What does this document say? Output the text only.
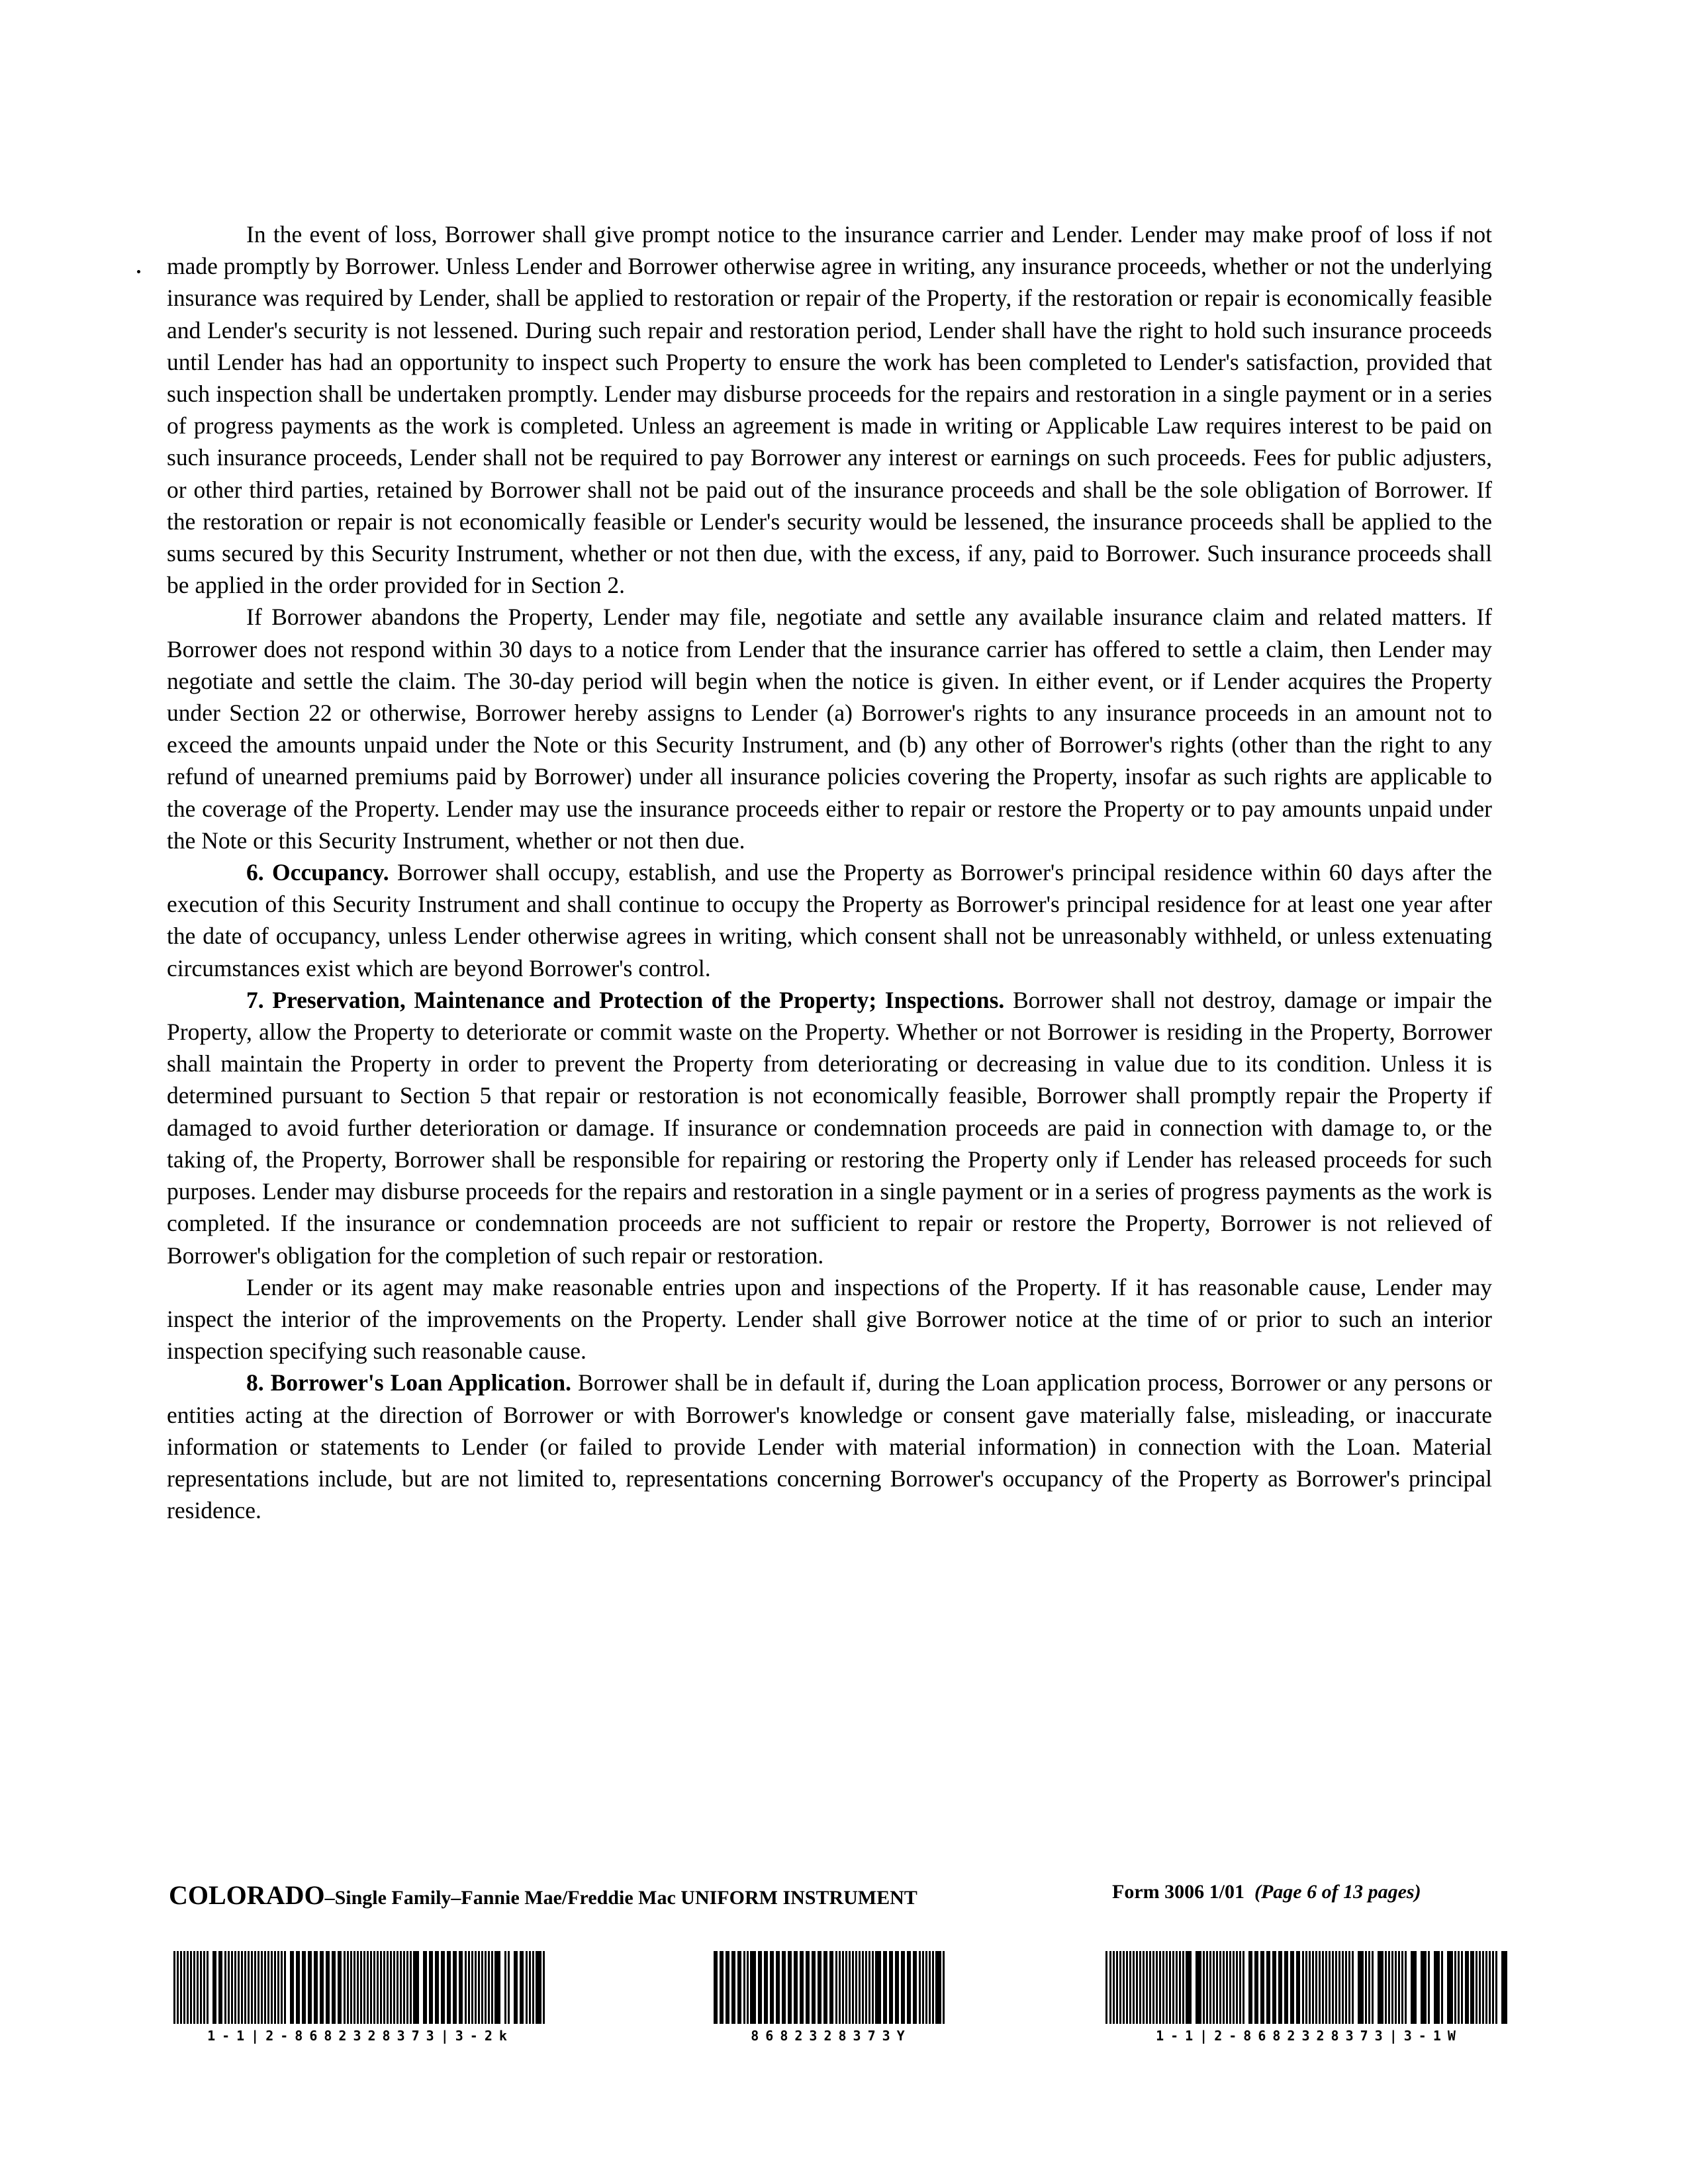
In the event of loss, Borrower shall give prompt notice to the insurance carrier and Lender. Lender may make proof of loss if not made promptly by Borrower. Unless Lender and Borrower otherwise agree in writing, any insurance proceeds, whether or not the underlying insurance was required by Lender, shall be applied to restoration or repair of the Property, if the restoration or repair is economically feasible and Lender's security is not lessened. During such repair and restoration period, Lender shall have the right to hold such insurance proceeds until Lender has had an opportunity to inspect such Property to ensure the work has been completed to Lender's satisfaction, provided that such inspection shall be undertaken promptly. Lender may disburse proceeds for the repairs and restoration in a single payment or in a series of progress payments as the work is completed. Unless an agreement is made in writing or Applicable Law requires interest to be paid on such insurance proceeds, Lender shall not be required to pay Borrower any interest or earnings on such proceeds. Fees for public adjusters, or other third parties, retained by Borrower shall not be paid out of the insurance proceeds and shall be the sole obligation of Borrower. If the restoration or repair is not economically feasible or Lender's security would be lessened, the insurance proceeds shall be applied to the sums secured by this Security Instrument, whether or not then due, with the excess, if any, paid to Borrower. Such insurance proceeds shall be applied in the order provided for in Section 2.

If Borrower abandons the Property, Lender may file, negotiate and settle any available insurance claim and related matters. If Borrower does not respond within 30 days to a notice from Lender that the insurance carrier has offered to settle a claim, then Lender may negotiate and settle the claim. The 30-day period will begin when the notice is given. In either event, or if Lender acquires the Property under Section 22 or otherwise, Borrower hereby assigns to Lender (a) Borrower's rights to any insurance proceeds in an amount not to exceed the amounts unpaid under the Note or this Security Instrument, and (b) any other of Borrower's rights (other than the right to any refund of unearned premiums paid by Borrower) under all insurance policies covering the Property, insofar as such rights are applicable to the coverage of the Property. Lender may use the insurance proceeds either to repair or restore the Property or to pay amounts unpaid under the Note or this Security Instrument, whether or not then due.

6. Occupancy. Borrower shall occupy, establish, and use the Property as Borrower's principal residence within 60 days after the execution of this Security Instrument and shall continue to occupy the Property as Borrower's principal residence for at least one year after the date of occupancy, unless Lender otherwise agrees in writing, which consent shall not be unreasonably withheld, or unless extenuating circumstances exist which are beyond Borrower's control.

7. Preservation, Maintenance and Protection of the Property; Inspections. Borrower shall not destroy, damage or impair the Property, allow the Property to deteriorate or commit waste on the Property. Whether or not Borrower is residing in the Property, Borrower shall maintain the Property in order to prevent the Property from deteriorating or decreasing in value due to its condition. Unless it is determined pursuant to Section 5 that repair or restoration is not economically feasible, Borrower shall promptly repair the Property if damaged to avoid further deterioration or damage. If insurance or condemnation proceeds are paid in connection with damage to, or the taking of, the Property, Borrower shall be responsible for repairing or restoring the Property only if Lender has released proceeds for such purposes. Lender may disburse proceeds for the repairs and restoration in a single payment or in a series of progress payments as the work is completed. If the insurance or condemnation proceeds are not sufficient to repair or restore the Property, Borrower is not relieved of Borrower's obligation for the completion of such repair or restoration.

Lender or its agent may make reasonable entries upon and inspections of the Property. If it has reasonable cause, Lender may inspect the interior of the improvements on the Property. Lender shall give Borrower notice at the time of or prior to such an interior inspection specifying such reasonable cause.

8. Borrower's Loan Application. Borrower shall be in default if, during the Loan application process, Borrower or any persons or entities acting at the direction of Borrower or with Borrower's knowledge or consent gave materially false, misleading, or inaccurate information or statements to Lender (or failed to provide Lender with material information) in connection with the Loan. Material representations include, but are not limited to, representations concerning Borrower's occupancy of the Property as Borrower's principal residence.

COLORADO–Single Family–Fannie Mae/Freddie Mac UNIFORM INSTRUMENT	Form 3006 1/01 (Page 6 of 13 pages)
1-1|2-8682328373|3-2k	8682328373Y	1-1|2-8682328373|3-1W
